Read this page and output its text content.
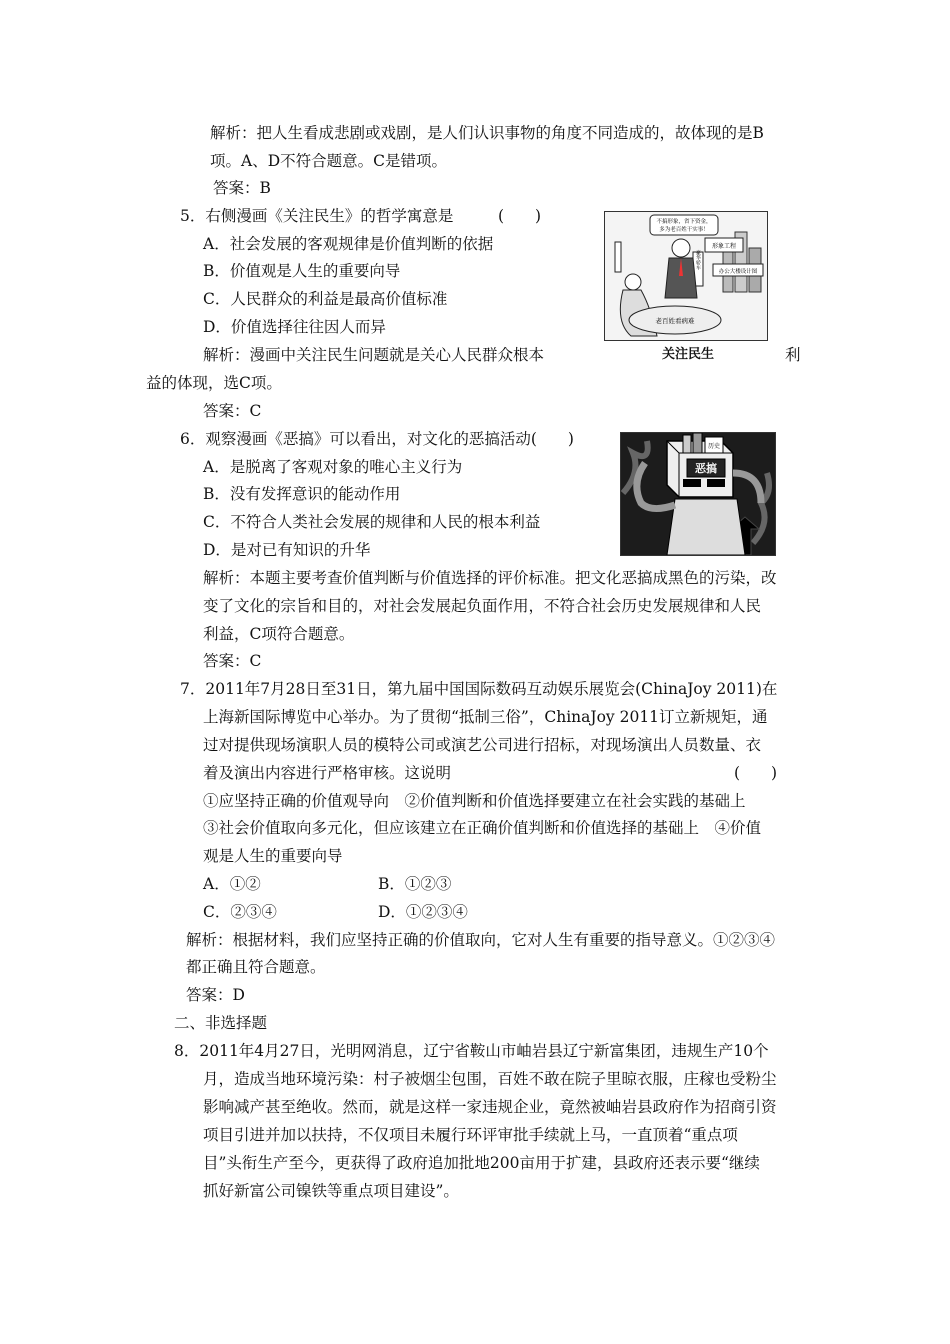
解析：把人生看成悲剧或戏剧，是人们认识事物的角度不同造成的，故体现的是B
项。A、D不符合题意。C是错项。
答案：B
5．右侧漫画《关注民生》的哲学寓意是	(　　)
A．社会发展的客观规律是价值判断的依据
B．价值观是人生的重要向导
C．人民群众的利益是最高价值标准
D．价值选择往往因人而异
解析：漫画中关注民生问题就是关心人民群众根本	利
益的体现，选C项。
答案：C
不搞形象，省下资金，
多为老百姓干实事！
形象工程
办公大楼设计图
豪华轿车
老百姓看病难
关注民生
6．观察漫画《恶搞》可以看出，对文化的恶搞活动(　　)
A．是脱离了客观对象的唯心主义行为
B．没有发挥意识的能动作用
C．不符合人类社会发展的规律和人民的根本利益
D．是对已有知识的升华
历史
恶搞
解析：本题主要考查价值判断与价值选择的评价标准。把文化恶搞成黑色的污染，改
变了文化的宗旨和目的，对社会发展起负面作用，不符合社会历史发展规律和人民
利益，C项符合题意。
答案：C
7．2011年7月28日至31日，第九届中国国际数码互动娱乐展览会(ChinaJoy 2011)在
上海新国际博览中心举办。为了贯彻“抵制三俗”，ChinaJoy 2011订立新规矩，通
过对提供现场演职人员的模特公司或演艺公司进行招标，对现场演出人员数量、衣
着及演出内容进行严格审核。这说明	(　　)
①应坚持正确的价值观导向　②价值判断和价值选择要建立在社会实践的基础上
③社会价值取向多元化，但应该建立在正确价值判断和价值选择的基础上　④价值
观是人生的重要向导
A．①②	B．①②③
C．②③④	D．①②③④
解析：根据材料，我们应坚持正确的价值取向，它对人生有重要的指导意义。①②③④
都正确且符合题意。
答案：D
二、非选择题
8．2011年4月27日，光明网消息，辽宁省鞍山市岫岩县辽宁新富集团，违规生产10个
月，造成当地环境污染：村子被烟尘包围，百姓不敢在院子里晾衣服，庄稼也受粉尘
影响减产甚至绝收。然而，就是这样一家违规企业，竟然被岫岩县政府作为招商引资
项目引进并加以扶持，不仅项目未履行环评审批手续就上马，一直顶着“重点项
目”头衔生产至今，更获得了政府追加批地200亩用于扩建，县政府还表示要“继续
抓好新富公司镍铁等重点项目建设”。
